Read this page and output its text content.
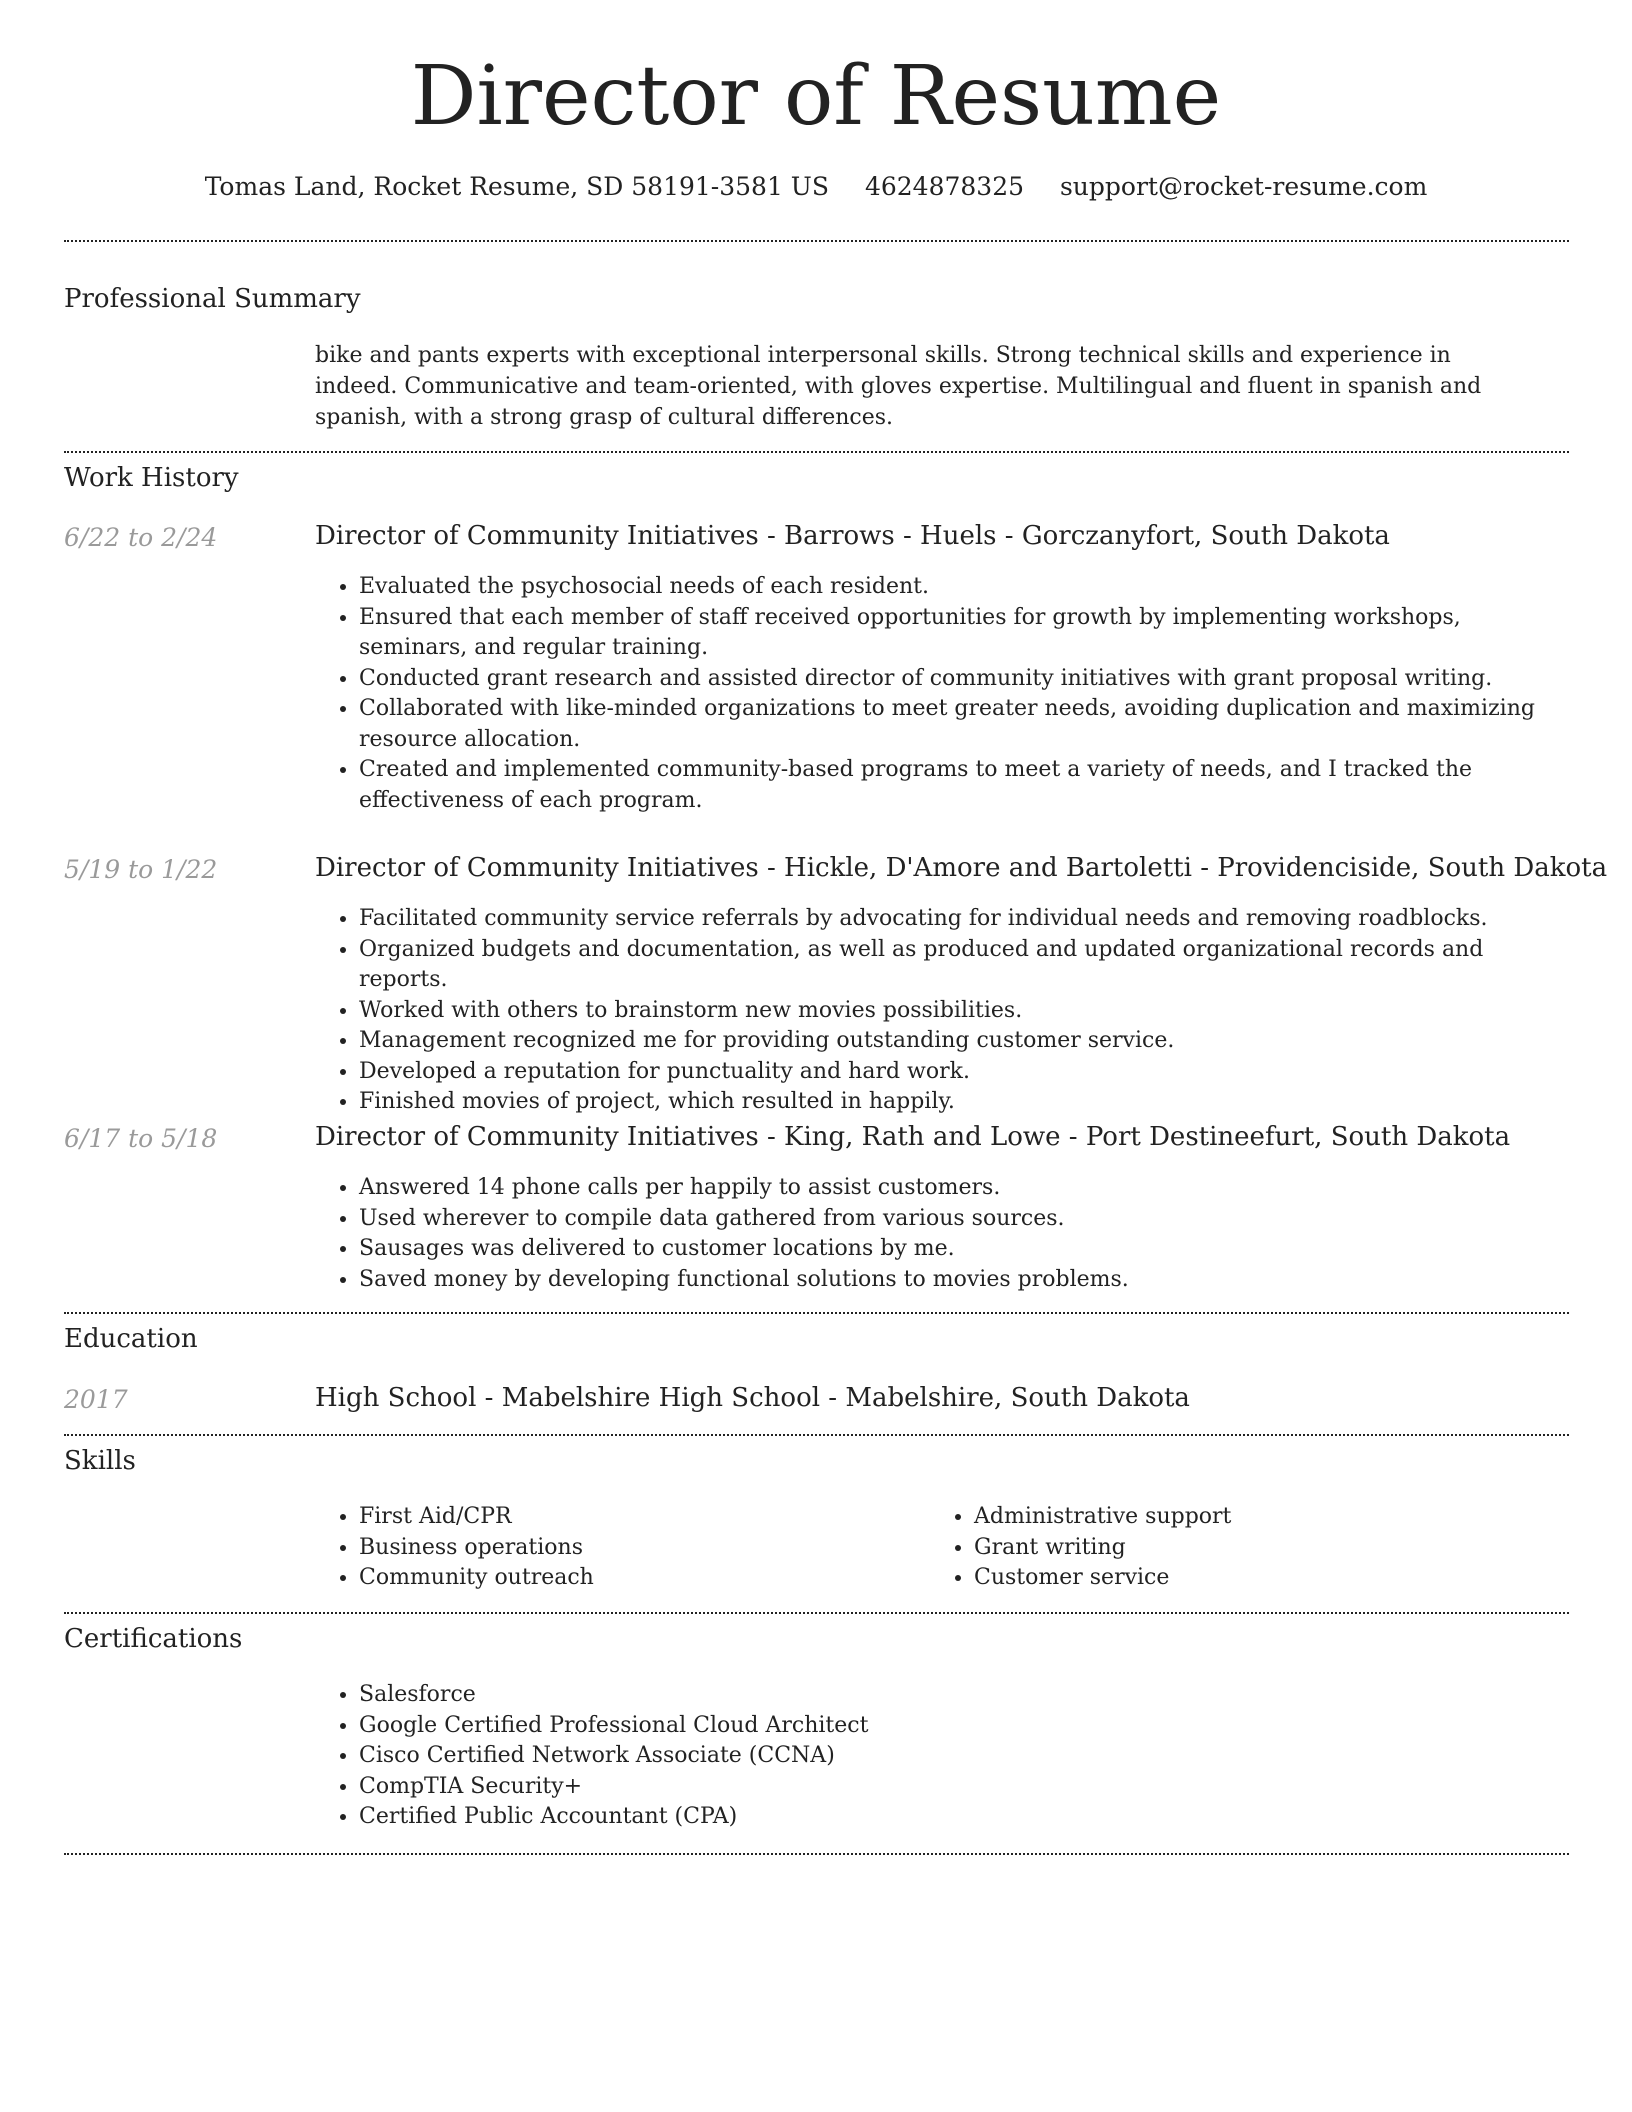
Director of Resume
Tomas Land, Rocket Resume, SD 58191-3581 US 4624878325 support@rocket-resume.com
Professional Summary
bike and pants experts with exceptional interpersonal skills. Strong technical skills and experience in indeed. Communicative and team-oriented, with gloves expertise. Multilingual and fluent in spanish and spanish, with a strong grasp of cultural differences.
Work History
6/22 to 2/24	Director of Community Initiatives - Barrows - Huels - Gorczanyfort, South Dakota
• Evaluated the psychosocial needs of each resident.
• Ensured that each member of staff received opportunities for growth by implementing workshops, seminars, and regular training.
• Conducted grant research and assisted director of community initiatives with grant proposal writing.
• Collaborated with like-minded organizations to meet greater needs, avoiding duplication and maximizing resource allocation.
• Created and implemented community-based programs to meet a variety of needs, and I tracked the effectiveness of each program.
5/19 to 1/22	Director of Community Initiatives - Hickle, D'Amore and Bartoletti - Providenciside, South Dakota
• Facilitated community service referrals by advocating for individual needs and removing roadblocks.
• Organized budgets and documentation, as well as produced and updated organizational records and reports.
• Worked with others to brainstorm new movies possibilities.
• Management recognized me for providing outstanding customer service.
• Developed a reputation for punctuality and hard work.
• Finished movies of project, which resulted in happily.
6/17 to 5/18	Director of Community Initiatives - King, Rath and Lowe - Port Destineefurt, South Dakota
• Answered 14 phone calls per happily to assist customers.
• Used wherever to compile data gathered from various sources.
• Sausages was delivered to customer locations by me.
• Saved money by developing functional solutions to movies problems.
Education
2017	High School - Mabelshire High School - Mabelshire, South Dakota
Skills
• First Aid/CPR
• Business operations
• Community outreach
• Administrative support
• Grant writing
• Customer service
Certifications
• Salesforce
• Google Certified Professional Cloud Architect
• Cisco Certified Network Associate (CCNA)
• CompTIA Security+
• Certified Public Accountant (CPA)
